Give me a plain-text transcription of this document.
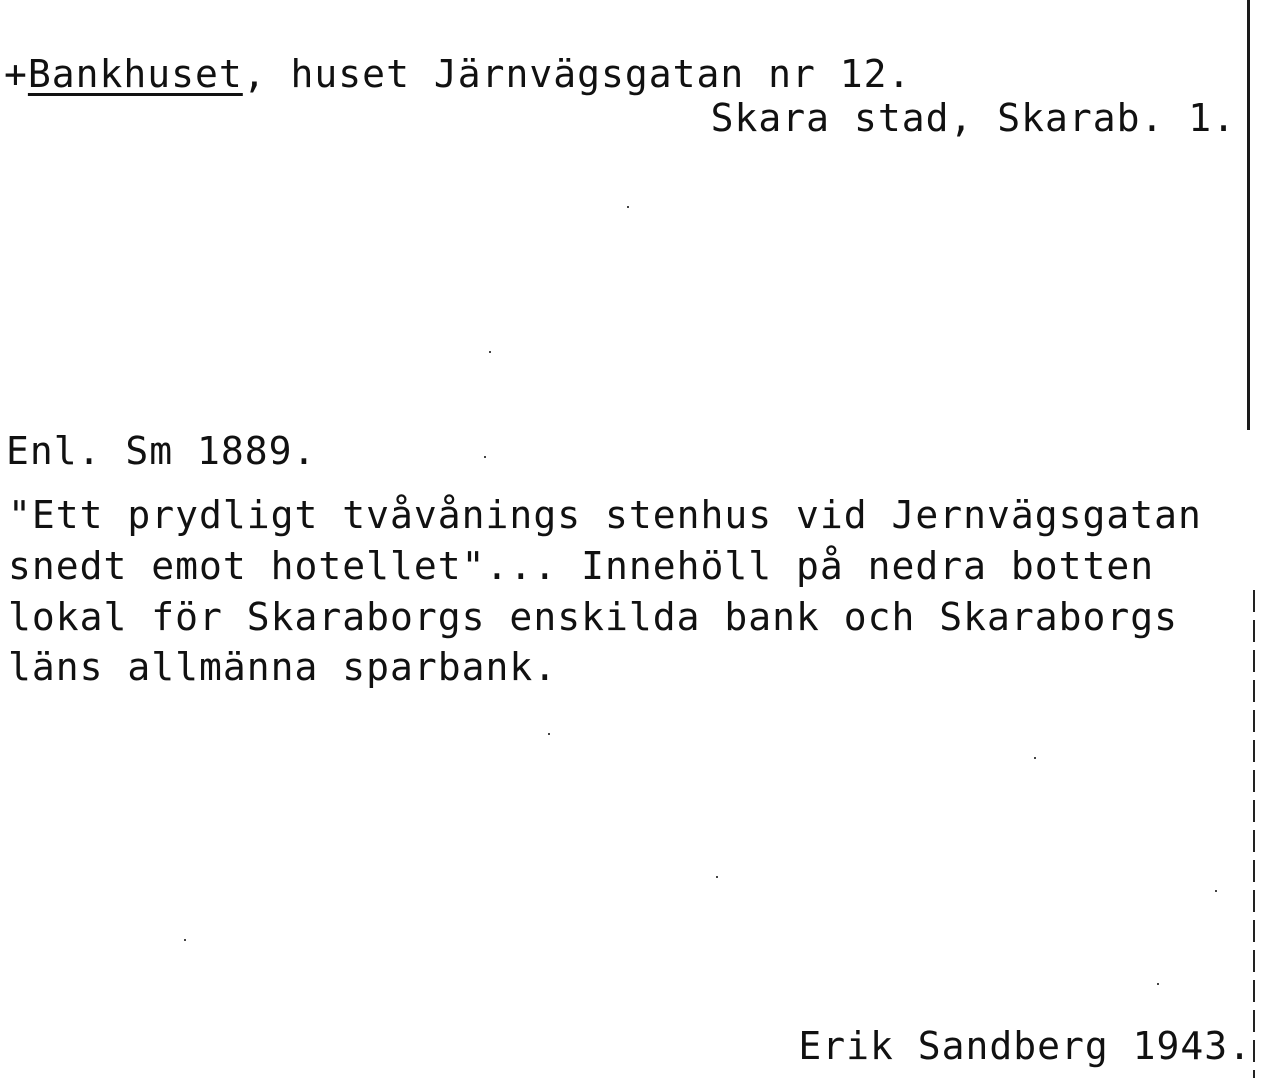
+Bankhuset, huset Järnvägsgatan nr 12.
Skara stad, Skarab. 1.
Enl. Sm 1889.
"Ett prydligt tvåvånings stenhus vid Jernvägsgatan
snedt emot hotellet"... Innehöll på nedra botten
lokal för Skaraborgs enskilda bank och Skaraborgs
läns allmänna sparbank.
Erik Sandberg 1943.
